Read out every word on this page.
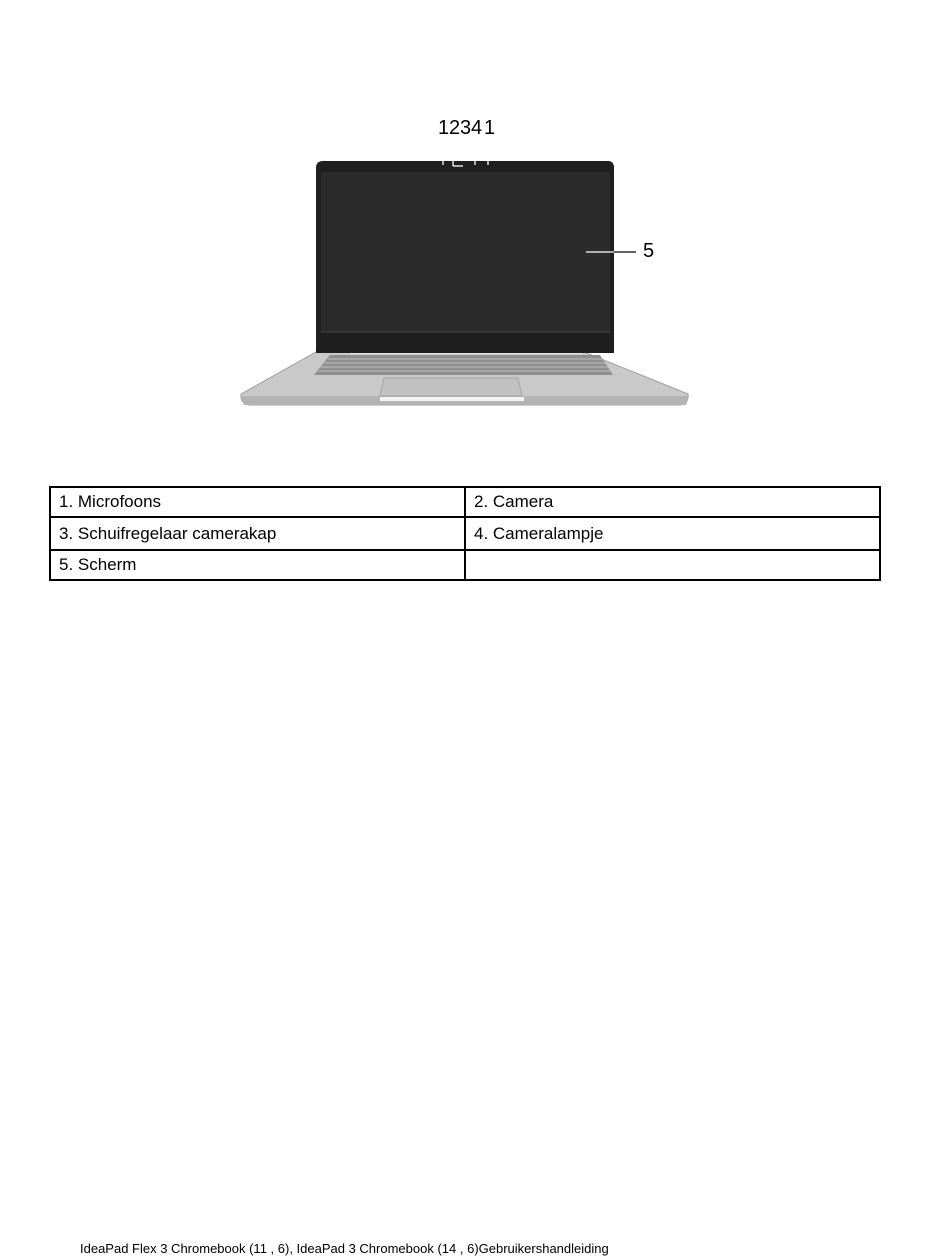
1 2 3 4 1
5
1. Microfoons	2. Camera
3. Schuifregelaar camerakap	4. Cameralampje
5. Scherm	
IdeaPad Flex 3 Chromebook (11 , 6), IdeaPad 3 Chromebook (14 , 6)Gebruikershandleiding
